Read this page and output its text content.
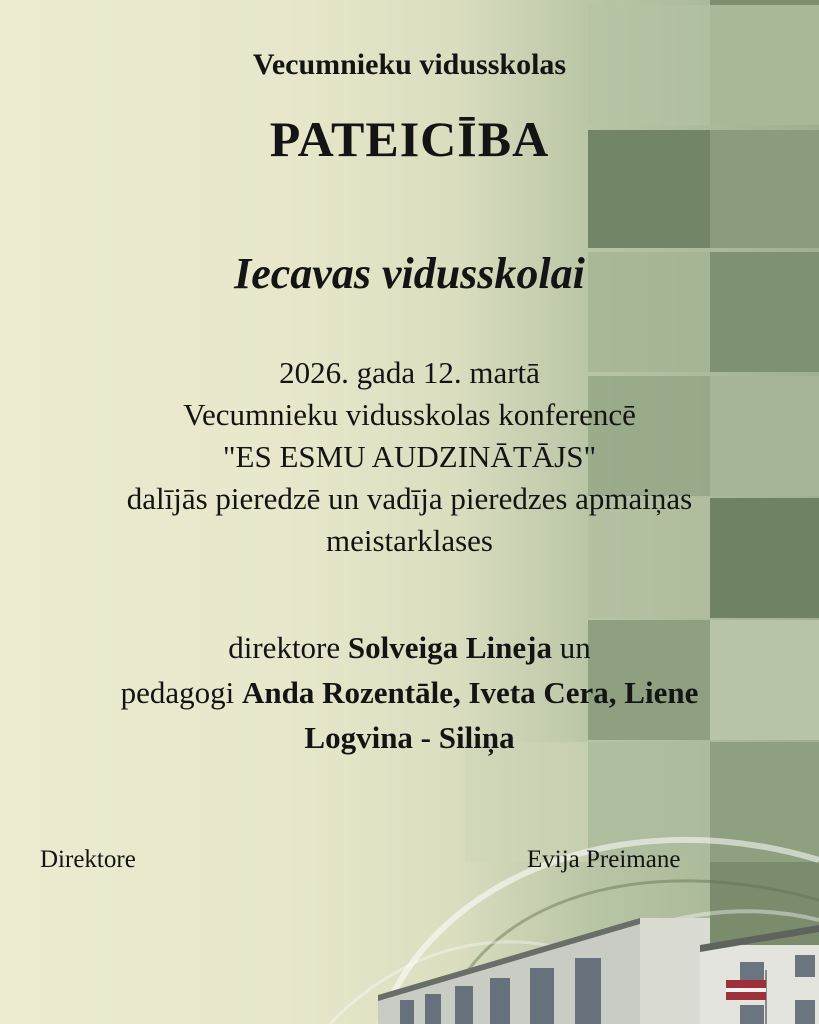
Vecumnieku vidusskolas
PATEICĪBA
Iecavas vidusskolai
2026. gada 12. martā
Vecumnieku vidusskolas konferencē
"ES ESMU AUDZINĀTĀJS"
dalījās pieredzē un vadīja pieredzes apmaiņas
meistarklases
direktore Solveiga Lineja un
pedagogi Anda Rozentāle, Iveta Cera, Liene
Logvina - Siliņa
Direktore	Evija Preimane
